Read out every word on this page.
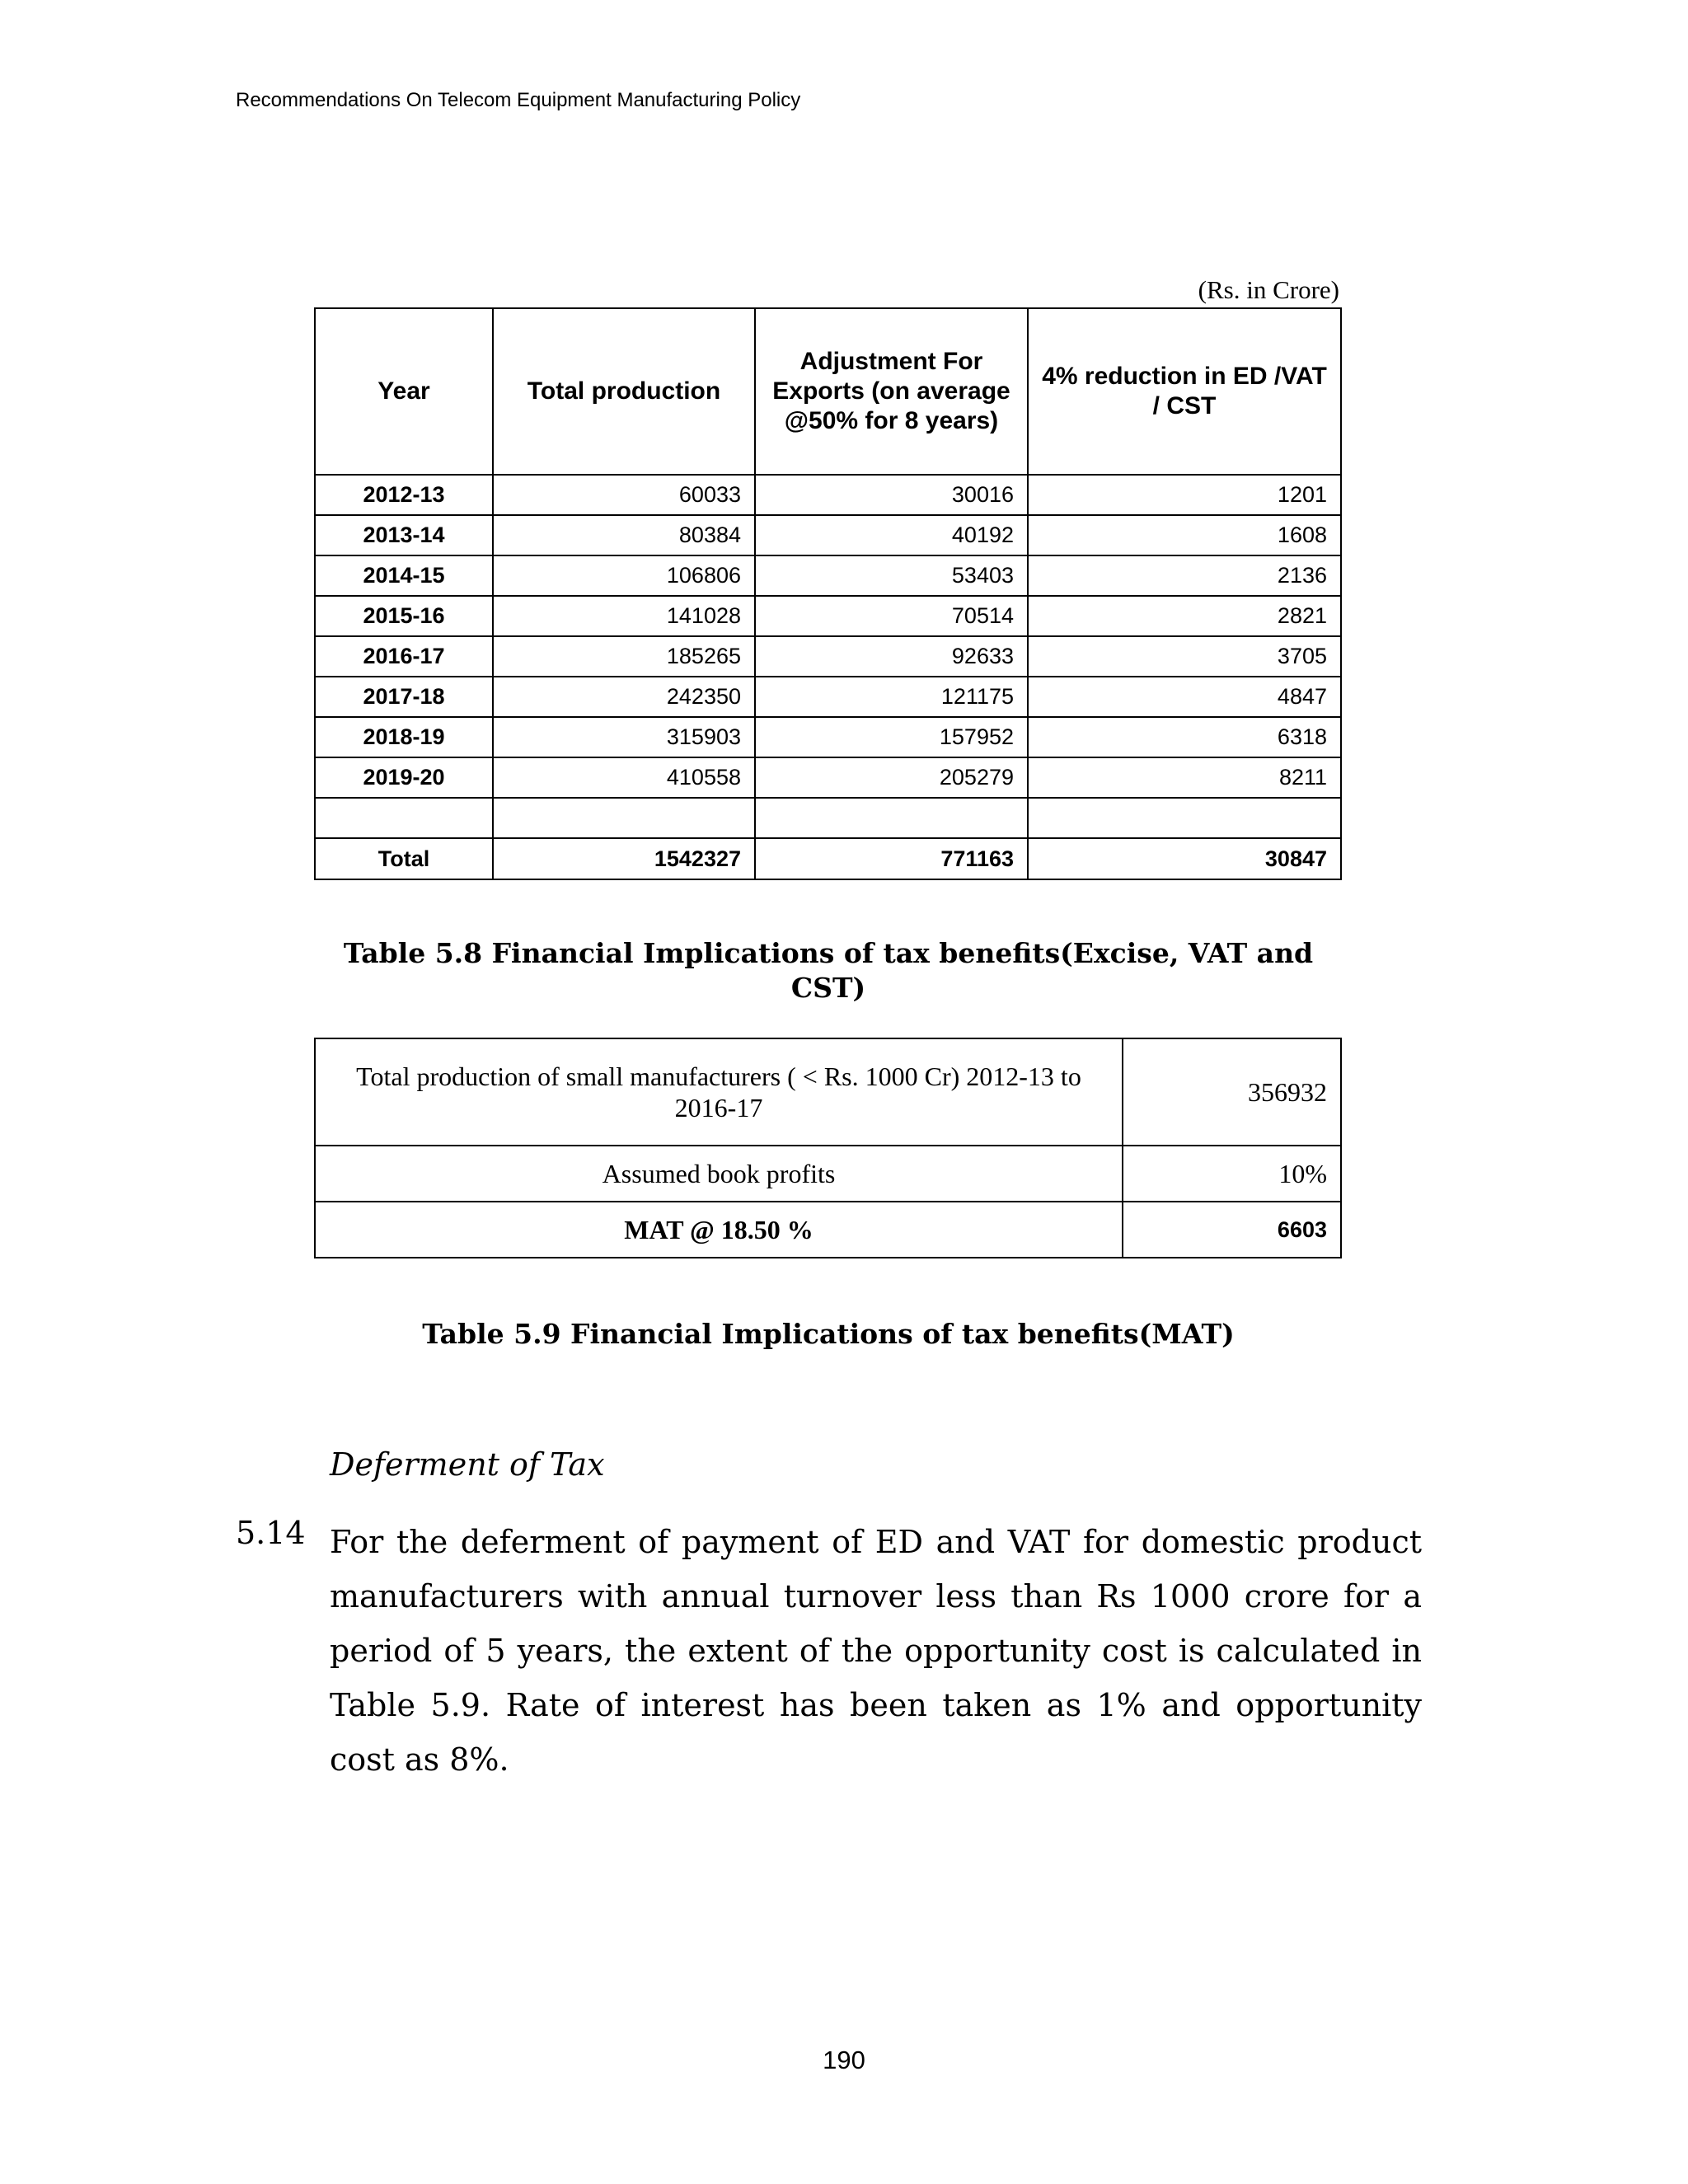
Recommendations On Telecom Equipment Manufacturing Policy
(Rs. in Crore)
Year	Total production	Adjustment For Exports (on average @50% for 8 years)	4% reduction in ED /VAT / CST
2012-13	60033	30016	1201
2013-14	80384	40192	1608
2014-15	106806	53403	2136
2015-16	141028	70514	2821
2016-17	185265	92633	3705
2017-18	242350	121175	4847
2018-19	315903	157952	6318
2019-20	410558	205279	8211

Total	1542327	771163	30847
Table 5.8 Financial Implications of tax benefits(Excise, VAT and CST)
Total production of small manufacturers ( < Rs. 1000 Cr) 2012-13 to 2016-17	356932
Assumed book profits	10%
MAT @ 18.50 %	6603
Table 5.9 Financial Implications of tax benefits(MAT)
Deferment of Tax
5.14 For the deferment of payment of ED and VAT for domestic product manufacturers with annual turnover less than Rs 1000 crore for a period of 5 years, the extent of the opportunity cost is calculated in Table 5.9. Rate of interest has been taken as 1% and opportunity cost as 8%.
190
